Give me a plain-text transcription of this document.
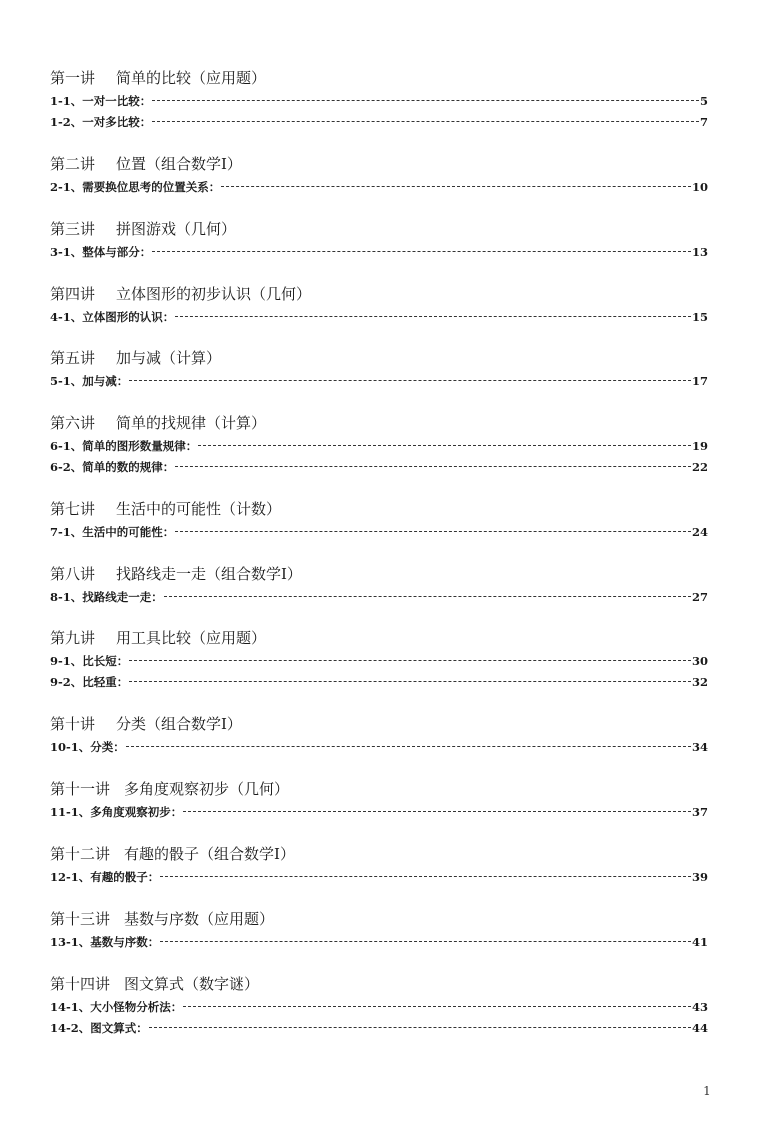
第一讲 简单的比较（应用题）
1-1、一对一比较：	5
1-2、一对多比较：	7
第二讲 位置（组合数学Ⅰ）
2-1、需要换位思考的位置关系：	10
第三讲 拼图游戏（几何）
3-1、整体与部分：	13
第四讲 立体图形的初步认识（几何）
4-1、立体图形的认识：	15
第五讲 加与减（计算）
5-1、加与减：	17
第六讲 简单的找规律（计算）
6-1、简单的图形数量规律：	19
6-2、简单的数的规律：	22
第七讲 生活中的可能性（计数）
7-1、生活中的可能性：	24
第八讲 找路线走一走（组合数学Ⅰ）
8-1、找路线走一走：	27
第九讲 用工具比较（应用题）
9-1、比长短：	30
9-2、比轻重：	32
第十讲 分类（组合数学Ⅰ）
10-1、分类：	34
第十一讲 多角度观察初步（几何）
11-1、多角度观察初步：	37
第十二讲 有趣的骰子（组合数学Ⅰ）
12-1、有趣的骰子：	39
第十三讲 基数与序数（应用题）
13-1、基数与序数：	41
第十四讲 图文算式（数字谜）
14-1、大小怪物分析法：	43
14-2、图文算式：	44
1
